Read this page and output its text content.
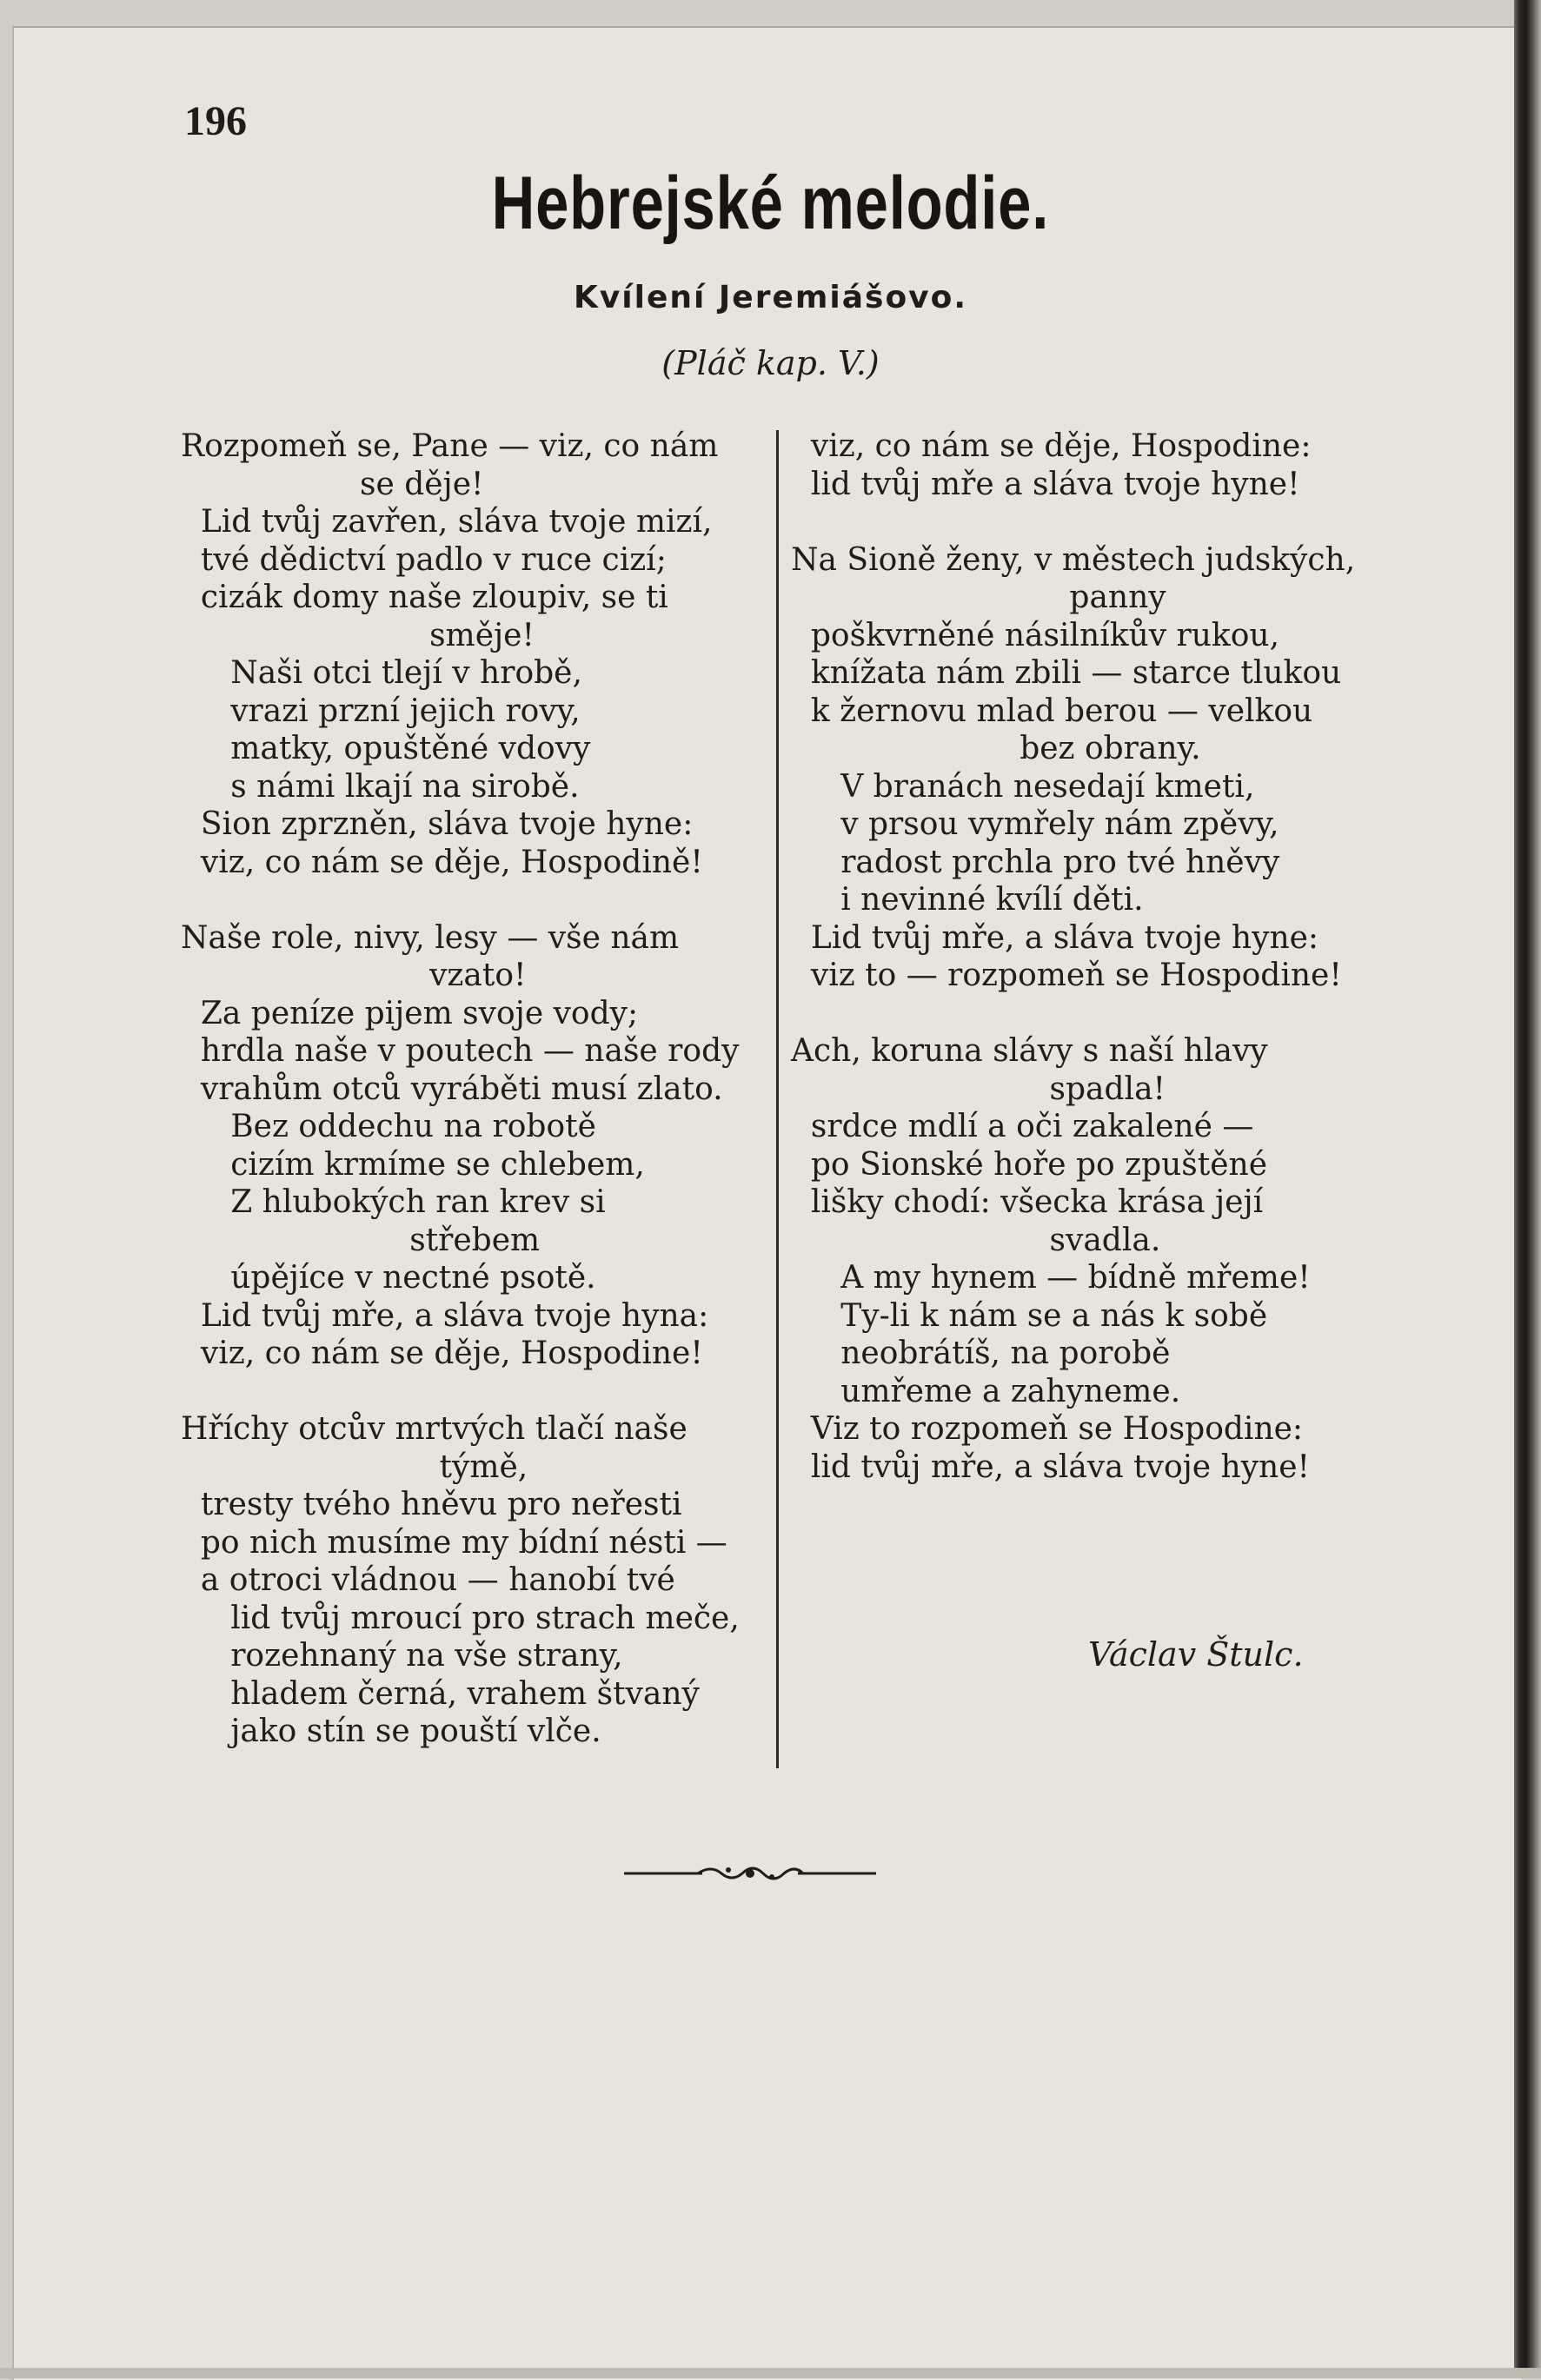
196
Hebrejské melodie.
Kvílení Jeremiášovo.
(Pláč kap. V.)
Rozpomeň se, Pane — viz, co nám
se děje!
Lid tvůj zavřen, sláva tvoje mizí,
tvé dědictví padlo v ruce cizí;
cizák domy naše zloupiv, se ti
směje!
Naši otci tlejí v hrobě,
vrazi przní jejich rovy,
matky, opuštěné vdovy
s námi lkají na sirobě.
Sion zprzněn, sláva tvoje hyne:
viz, co nám se děje, Hospodině!
Naše role, nivy, lesy — vše nám
vzato!
Za peníze pijem svoje vody;
hrdla naše v poutech — naše rody
vrahům otců vyráběti musí zlato.
Bez oddechu na robotě
cizím krmíme se chlebem,
Z hlubokých ran krev si
střebem
úpějíce v nectné psotě.
Lid tvůj mře, a sláva tvoje hyna:
viz, co nám se děje, Hospodine!
Hříchy otcův mrtvých tlačí naše
týmě,
tresty tvého hněvu pro neřesti
po nich musíme my bídní nésti —
a otroci vládnou — hanobí tvé
lid tvůj mroucí pro strach meče,
rozehnaný na vše strany,
hladem černá, vrahem štvaný
jako stín se pouští vlče.
viz, co nám se děje, Hospodine:
lid tvůj mře a sláva tvoje hyne!
Na Sioně ženy, v městech judských,
panny
poškvrněné násilníkův rukou,
knížata nám zbili — starce tlukou
k žernovu mlad berou — velkou
bez obrany.
V branách nesedají kmeti,
v prsou vymřely nám zpěvy,
radost prchla pro tvé hněvy
i nevinné kvílí děti.
Lid tvůj mře, a sláva tvoje hyne:
viz to — rozpomeň se Hospodine!
Ach, koruna slávy s naší hlavy
spadla!
srdce mdlí a oči zakalené —
po Sionské hoře po zpuštěné
lišky chodí: všecka krása její
svadla.
A my hynem — bídně mřeme!
Ty-li k nám se a nás k sobě
neobrátíš, na porobě
umřeme a zahyneme.
Viz to rozpomeň se Hospodine:
lid tvůj mře, a sláva tvoje hyne!
Václav Štulc.
